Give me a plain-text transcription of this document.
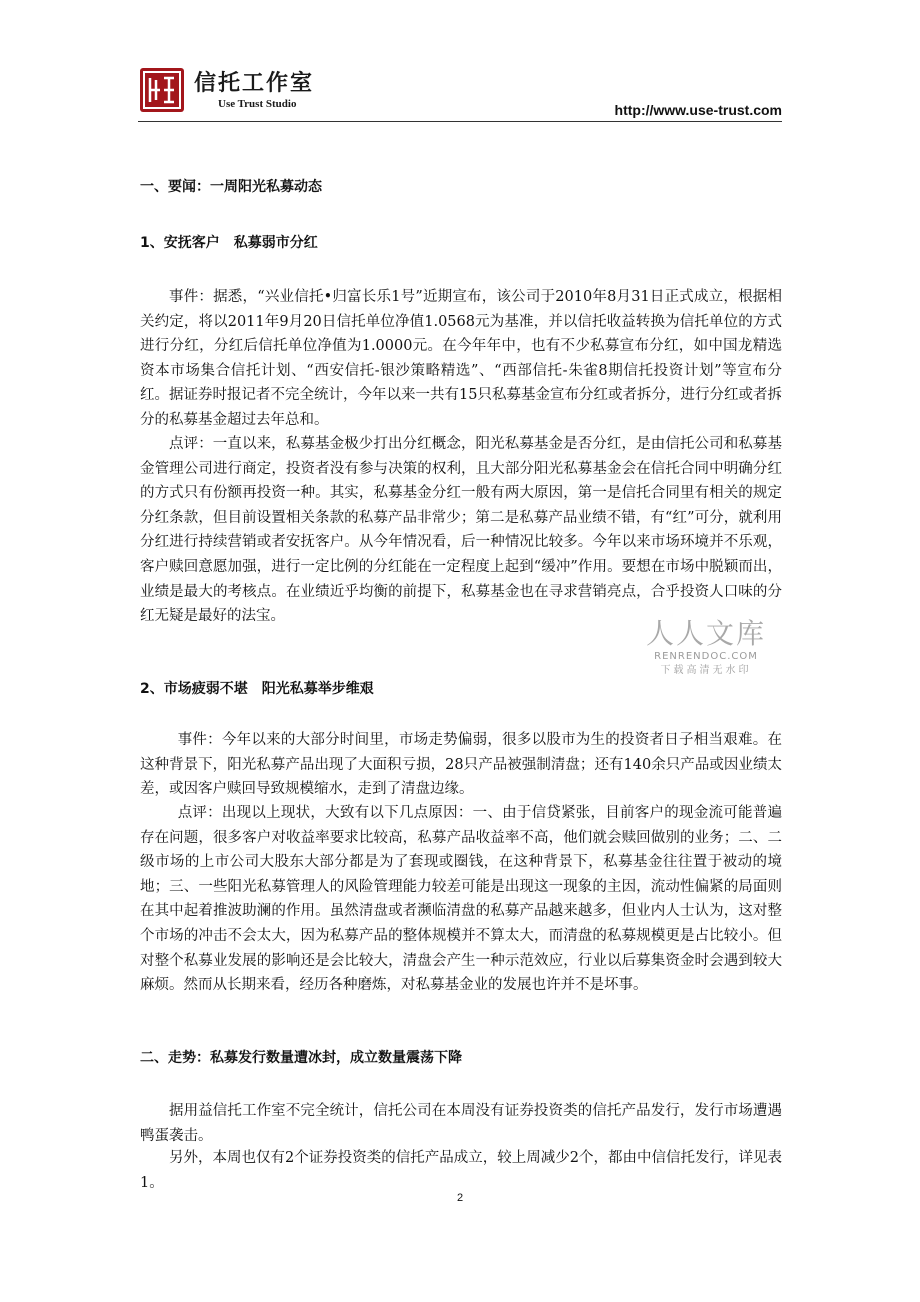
信托工作室
Use Trust Studio	http://www.use-trust.com
一、要闻：一周阳光私募动态
1、安抚客户　私募弱市分红

事件：据悉，“兴业信托•归富长乐1号”近期宣布，该公司于2010年8月31日正式成立，根据相关约定，将以2011年9月20日信托单位净值1.0568元为基准，并以信托收益转换为信托单位的方式进行分红，分红后信托单位净值为1.0000元。在今年年中，也有不少私募宣布分红，如中国龙精选资本市场集合信托计划、“西安信托-银沙策略精选”、“西部信托-朱雀8期信托投资计划”等宣布分红。据证券时报记者不完全统计，今年以来一共有15只私募基金宣布分红或者拆分，进行分红或者拆分的私募基金超过去年总和。

点评：一直以来，私募基金极少打出分红概念，阳光私募基金是否分红，是由信托公司和私募基金管理公司进行商定，投资者没有参与决策的权利，且大部分阳光私募基金会在信托合同中明确分红的方式只有份额再投资一种。其实，私募基金分红一般有两大原因，第一是信托合同里有相关的规定分红条款，但目前设置相关条款的私募产品非常少；第二是私募产品业绩不错，有“红”可分，就利用分红进行持续营销或者安抚客户。从今年情况看，后一种情况比较多。今年以来市场环境并不乐观，客户赎回意愿加强，进行一定比例的分红能在一定程度上起到“缓冲”作用。要想在市场中脱颖而出，业绩是最大的考核点。在业绩近乎均衡的前提下，私募基金也在寻求营销亮点，合乎投资人口味的分红无疑是最好的法宝。

人人文库
RENRENDOC.COM
下载高清无水印
2、市场疲弱不堪　阳光私募举步维艰

事件：今年以来的大部分时间里，市场走势偏弱，很多以股市为生的投资者日子相当艰难。在这种背景下，阳光私募产品出现了大面积亏损，28只产品被强制清盘；还有140余只产品或因业绩太差，或因客户赎回导致规模缩水，走到了清盘边缘。

点评：出现以上现状，大致有以下几点原因：一、由于信贷紧张，目前客户的现金流可能普遍存在问题，很多客户对收益率要求比较高，私募产品收益率不高，他们就会赎回做别的业务；二、二级市场的上市公司大股东大部分都是为了套现或圈钱，在这种背景下，私募基金往往置于被动的境地；三、一些阳光私募管理人的风险管理能力较差可能是出现这一现象的主因，流动性偏紧的局面则在其中起着推波助澜的作用。虽然清盘或者濒临清盘的私募产品越来越多，但业内人士认为，这对整个市场的冲击不会太大，因为私募产品的整体规模并不算太大，而清盘的私募规模更是占比较小。但对整个私募业发展的影响还是会比较大，清盘会产生一种示范效应，行业以后募集资金时会遇到较大麻烦。然而从长期来看，经历各种磨炼，对私募基金业的发展也许并不是坏事。

二、走势：私募发行数量遭冰封，成立数量震荡下降

据用益信托工作室不完全统计，信托公司在本周没有证券投资类的信托产品发行，发行市场遭遇鸭蛋袭击。

另外，本周也仅有2个证券投资类的信托产品成立，较上周减少2个，都由中信信托发行，详见表1。

2
